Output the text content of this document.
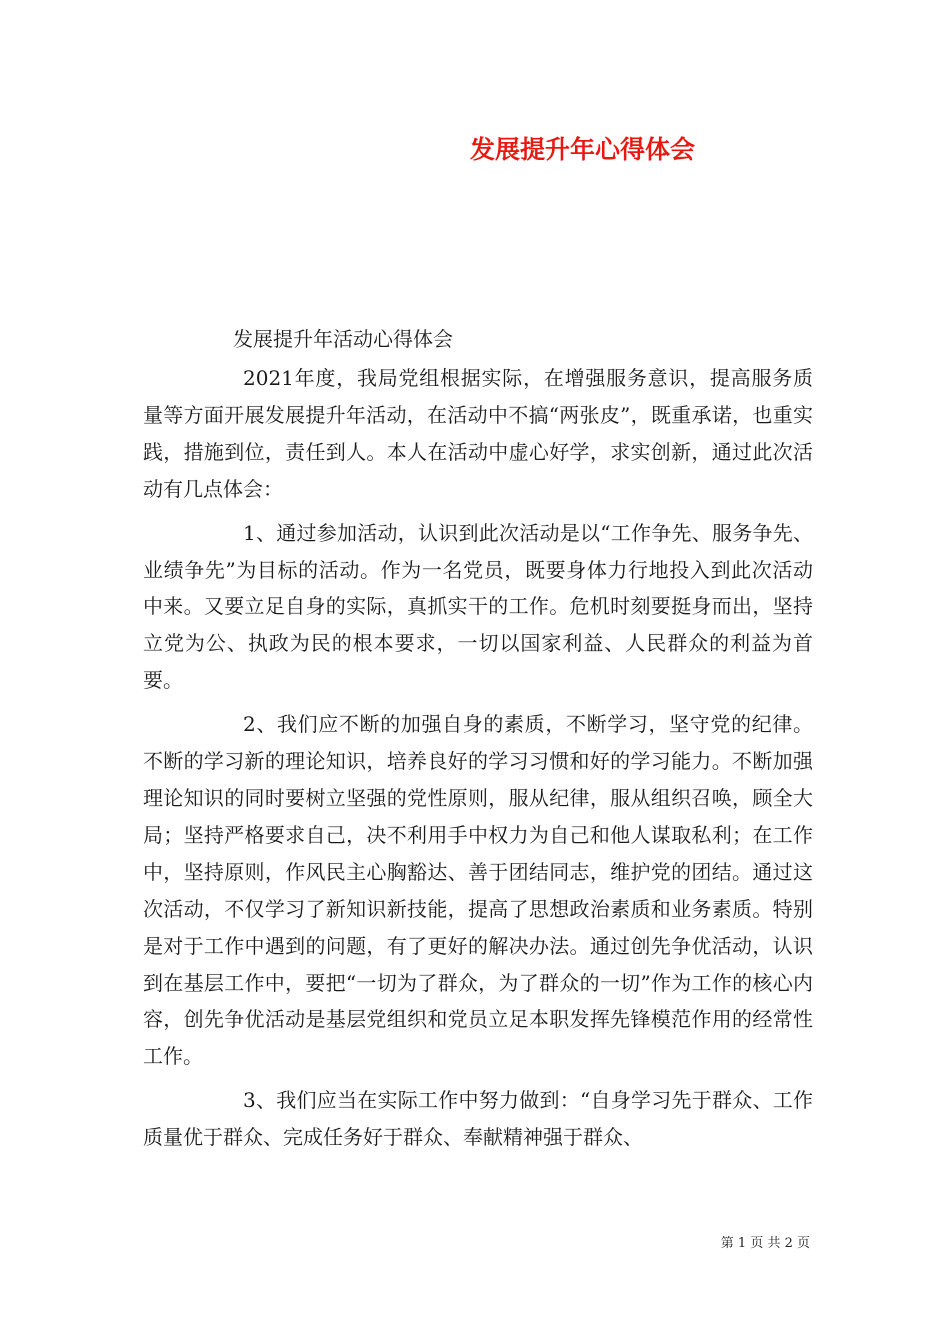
发展提升年心得体会
发展提升年活动心得体会

2021年度，我局党组根据实际，在增强服务意识，提高服务质量等方面开展发展提升年活动，在活动中不搞“两张皮”，既重承诺，也重实践，措施到位，责任到人。本人在活动中虚心好学，求实创新，通过此次活动有几点体会：

1、通过参加活动，认识到此次活动是以“工作争先、服务争先、业绩争先”为目标的活动。作为一名党员，既要身体力行地投入到此次活动中来。又要立足自身的实际，真抓实干的工作。危机时刻要挺身而出，坚持立党为公、执政为民的根本要求，一切以国家利益、人民群众的利益为首要。

2、我们应不断的加强自身的素质，不断学习，坚守党的纪律。不断的学习新的理论知识，培养良好的学习习惯和好的学习能力。不断加强理论知识的同时要树立坚强的党性原则，服从纪律，服从组织召唤，顾全大局；坚持严格要求自己，决不利用手中权力为自己和他人谋取私利；在工作中，坚持原则，作风民主心胸豁达、善于团结同志，维护党的团结。通过这次活动，不仅学习了新知识新技能，提高了思想政治素质和业务素质。特别是对于工作中遇到的问题，有了更好的解决办法。通过创先争优活动，认识到在基层工作中，要把“一切为了群众，为了群众的一切”作为工作的核心内容，创先争优活动是基层党组织和党员立足本职发挥先锋模范作用的经常性工作。

3、我们应当在实际工作中努力做到：“自身学习先于群众、工作质量优于群众、完成任务好于群众、奉献精神强于群众、

第 1 页 共 2 页
